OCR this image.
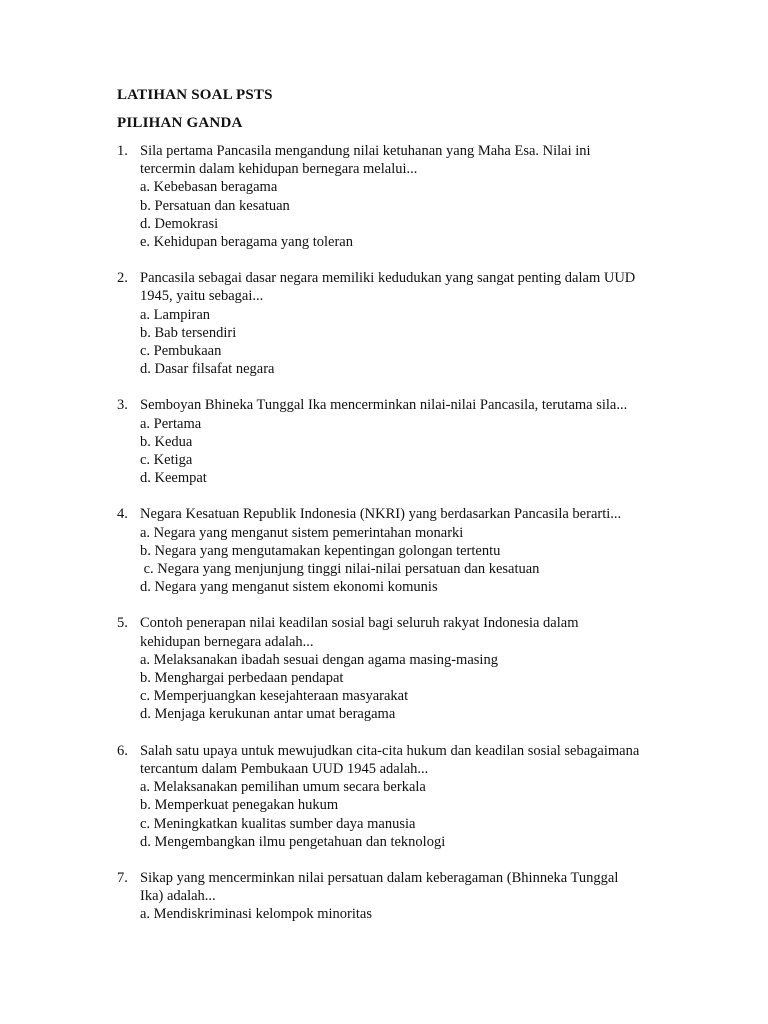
LATIHAN SOAL PSTS
PILIHAN GANDA
1. Sila pertama Pancasila mengandung nilai ketuhanan yang Maha Esa. Nilai ini
tercermin dalam kehidupan bernegara melalui...
a. Kebebasan beragama
b. Persatuan dan kesatuan
d. Demokrasi
e. Kehidupan beragama yang toleran
2. Pancasila sebagai dasar negara memiliki kedudukan yang sangat penting dalam UUD
1945, yaitu sebagai...
a. Lampiran
b. Bab tersendiri
c. Pembukaan
d. Dasar filsafat negara
3. Semboyan Bhineka Tunggal Ika mencerminkan nilai-nilai Pancasila, terutama sila...
a. Pertama
b. Kedua
c. Ketiga
d. Keempat
4. Negara Kesatuan Republik Indonesia (NKRI) yang berdasarkan Pancasila berarti...
a. Negara yang menganut sistem pemerintahan monarki
b. Negara yang mengutamakan kepentingan golongan tertentu
c. Negara yang menjunjung tinggi nilai-nilai persatuan dan kesatuan
d. Negara yang menganut sistem ekonomi komunis
5. Contoh penerapan nilai keadilan sosial bagi seluruh rakyat Indonesia dalam
kehidupan bernegara adalah...
a. Melaksanakan ibadah sesuai dengan agama masing-masing
b. Menghargai perbedaan pendapat
c. Memperjuangkan kesejahteraan masyarakat
d. Menjaga kerukunan antar umat beragama
6. Salah satu upaya untuk mewujudkan cita-cita hukum dan keadilan sosial sebagaimana
tercantum dalam Pembukaan UUD 1945 adalah...
a. Melaksanakan pemilihan umum secara berkala
b. Memperkuat penegakan hukum
c. Meningkatkan kualitas sumber daya manusia
d. Mengembangkan ilmu pengetahuan dan teknologi
7. Sikap yang mencerminkan nilai persatuan dalam keberagaman (Bhinneka Tunggal
Ika) adalah...
a. Mendiskriminasi kelompok minoritas
